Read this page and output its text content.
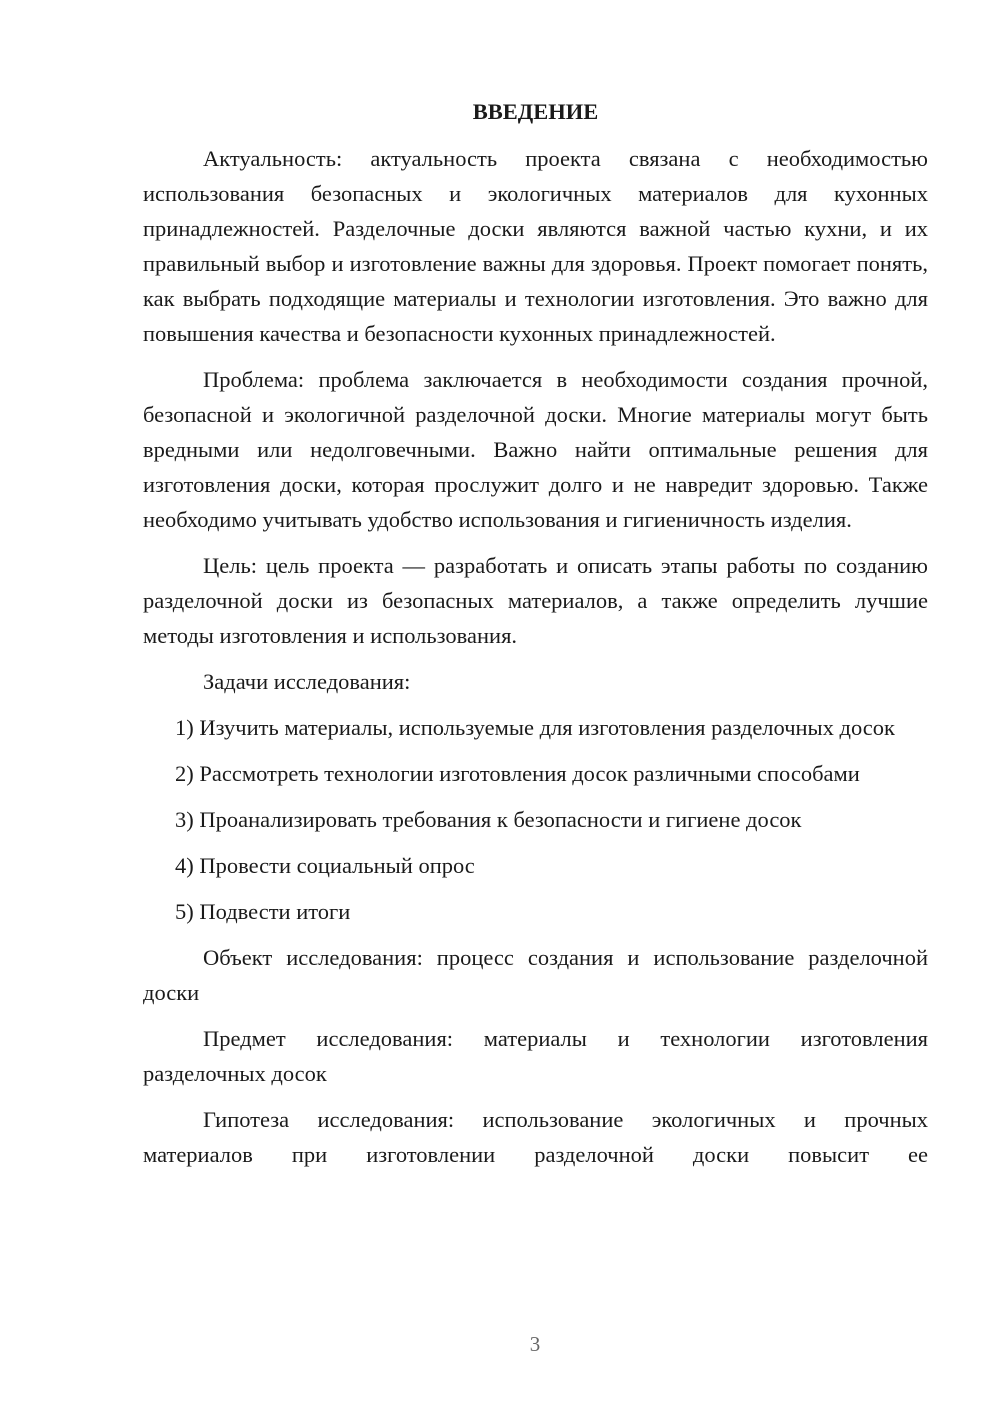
ВВЕДЕНИЕ

Актуальность: актуальность проекта связана с необходимостью использования безопасных и экологичных материалов для кухонных принадлежностей. Разделочные доски являются важной частью кухни, и их правильный выбор и изготовление важны для здоровья. Проект помогает понять, как выбрать подходящие материалы и технологии изготовления. Это важно для повышения качества и безопасности кухонных принадлежностей.

Проблема: проблема заключается в необходимости создания прочной, безопасной и экологичной разделочной доски. Многие материалы могут быть вредными или недолговечными. Важно найти оптимальные решения для изготовления доски, которая прослужит долго и не навредит здоровью. Также необходимо учитывать удобство использования и гигиеничность изделия.

Цель: цель проекта — разработать и описать этапы работы по созданию разделочной доски из безопасных материалов, а также определить лучшие методы изготовления и использования.

Задачи исследования:

1) Изучить материалы, используемые для изготовления разделочных досок

2) Рассмотреть технологии изготовления досок различными способами

3) Проанализировать требования к безопасности и гигиене досок

4) Провести социальный опрос

5) Подвести итоги

Объект исследования: процесс создания и использование разделочной доски

Предмет исследования: материалы и технологии изготовления разделочных досок

Гипотеза исследования: использование экологичных и прочных материалов при изготовлении разделочной доски повысит ее

3
